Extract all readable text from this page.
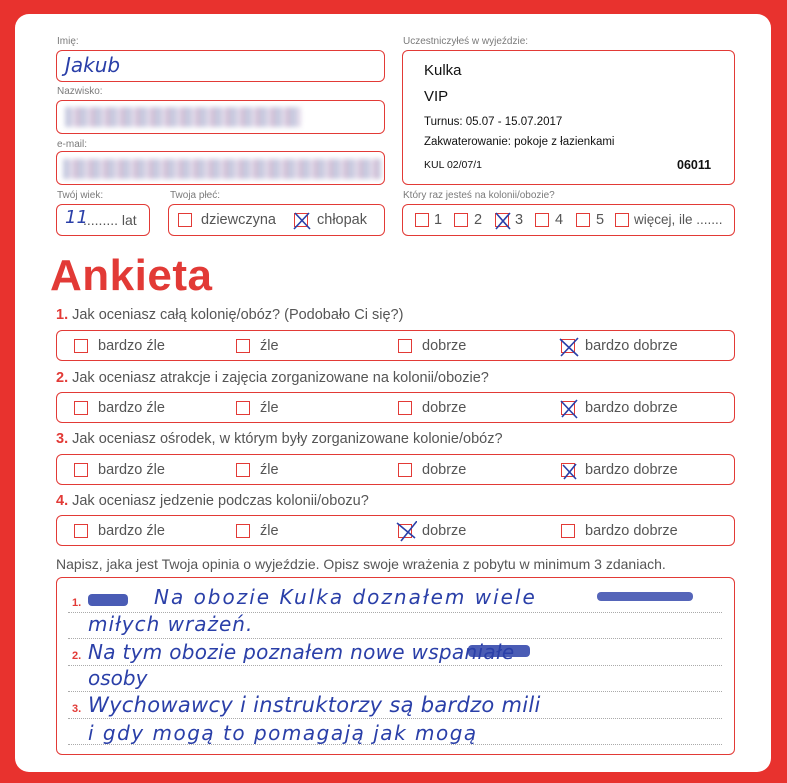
Imię:
Jakub
Nazwisko:
e-mail:
Twój wiek:
11
......... lat
Twoja płeć:
dziewczyna	chłopak
Uczestniczyłeś w wyjeździe:
Kulka
VIP
Turnus: 05.07 - 15.07.2017
Zakwaterowanie: pokoje z łazienkami
KUL 02/07/1	06011
Który raz jesteś na kolonii/obozie?
1 2 3 4 5 więcej, ile .......
Ankieta
1. Jak oceniasz całą kolonię/obóz? (Podobało Ci się?)
bardzo źle	źle	dobrze	bardzo dobrze
2. Jak oceniasz atrakcje i zajęcia zorganizowane na kolonii/obozie?
bardzo źle	źle	dobrze	bardzo dobrze
3. Jak oceniasz ośrodek, w którym były zorganizowane kolonie/obóz?
bardzo źle	źle	dobrze	bardzo dobrze
4. Jak oceniasz jedzenie podczas kolonii/obozu?
bardzo źle	źle	dobrze	bardzo dobrze
Napisz, jaka jest Twoja opinia o wyjeździe. Opisz swoje wrażenia z pobytu w minimum 3 zdaniach.
1.
2.
3.
Na obozie Kulka doznałem wiele
miłych wrażeń.
Na tym obozie poznałem nowe wspaniałe
osoby
Wychowawcy i instruktorzy są bardzo mili
i gdy mogą to pomagają jak mogą
